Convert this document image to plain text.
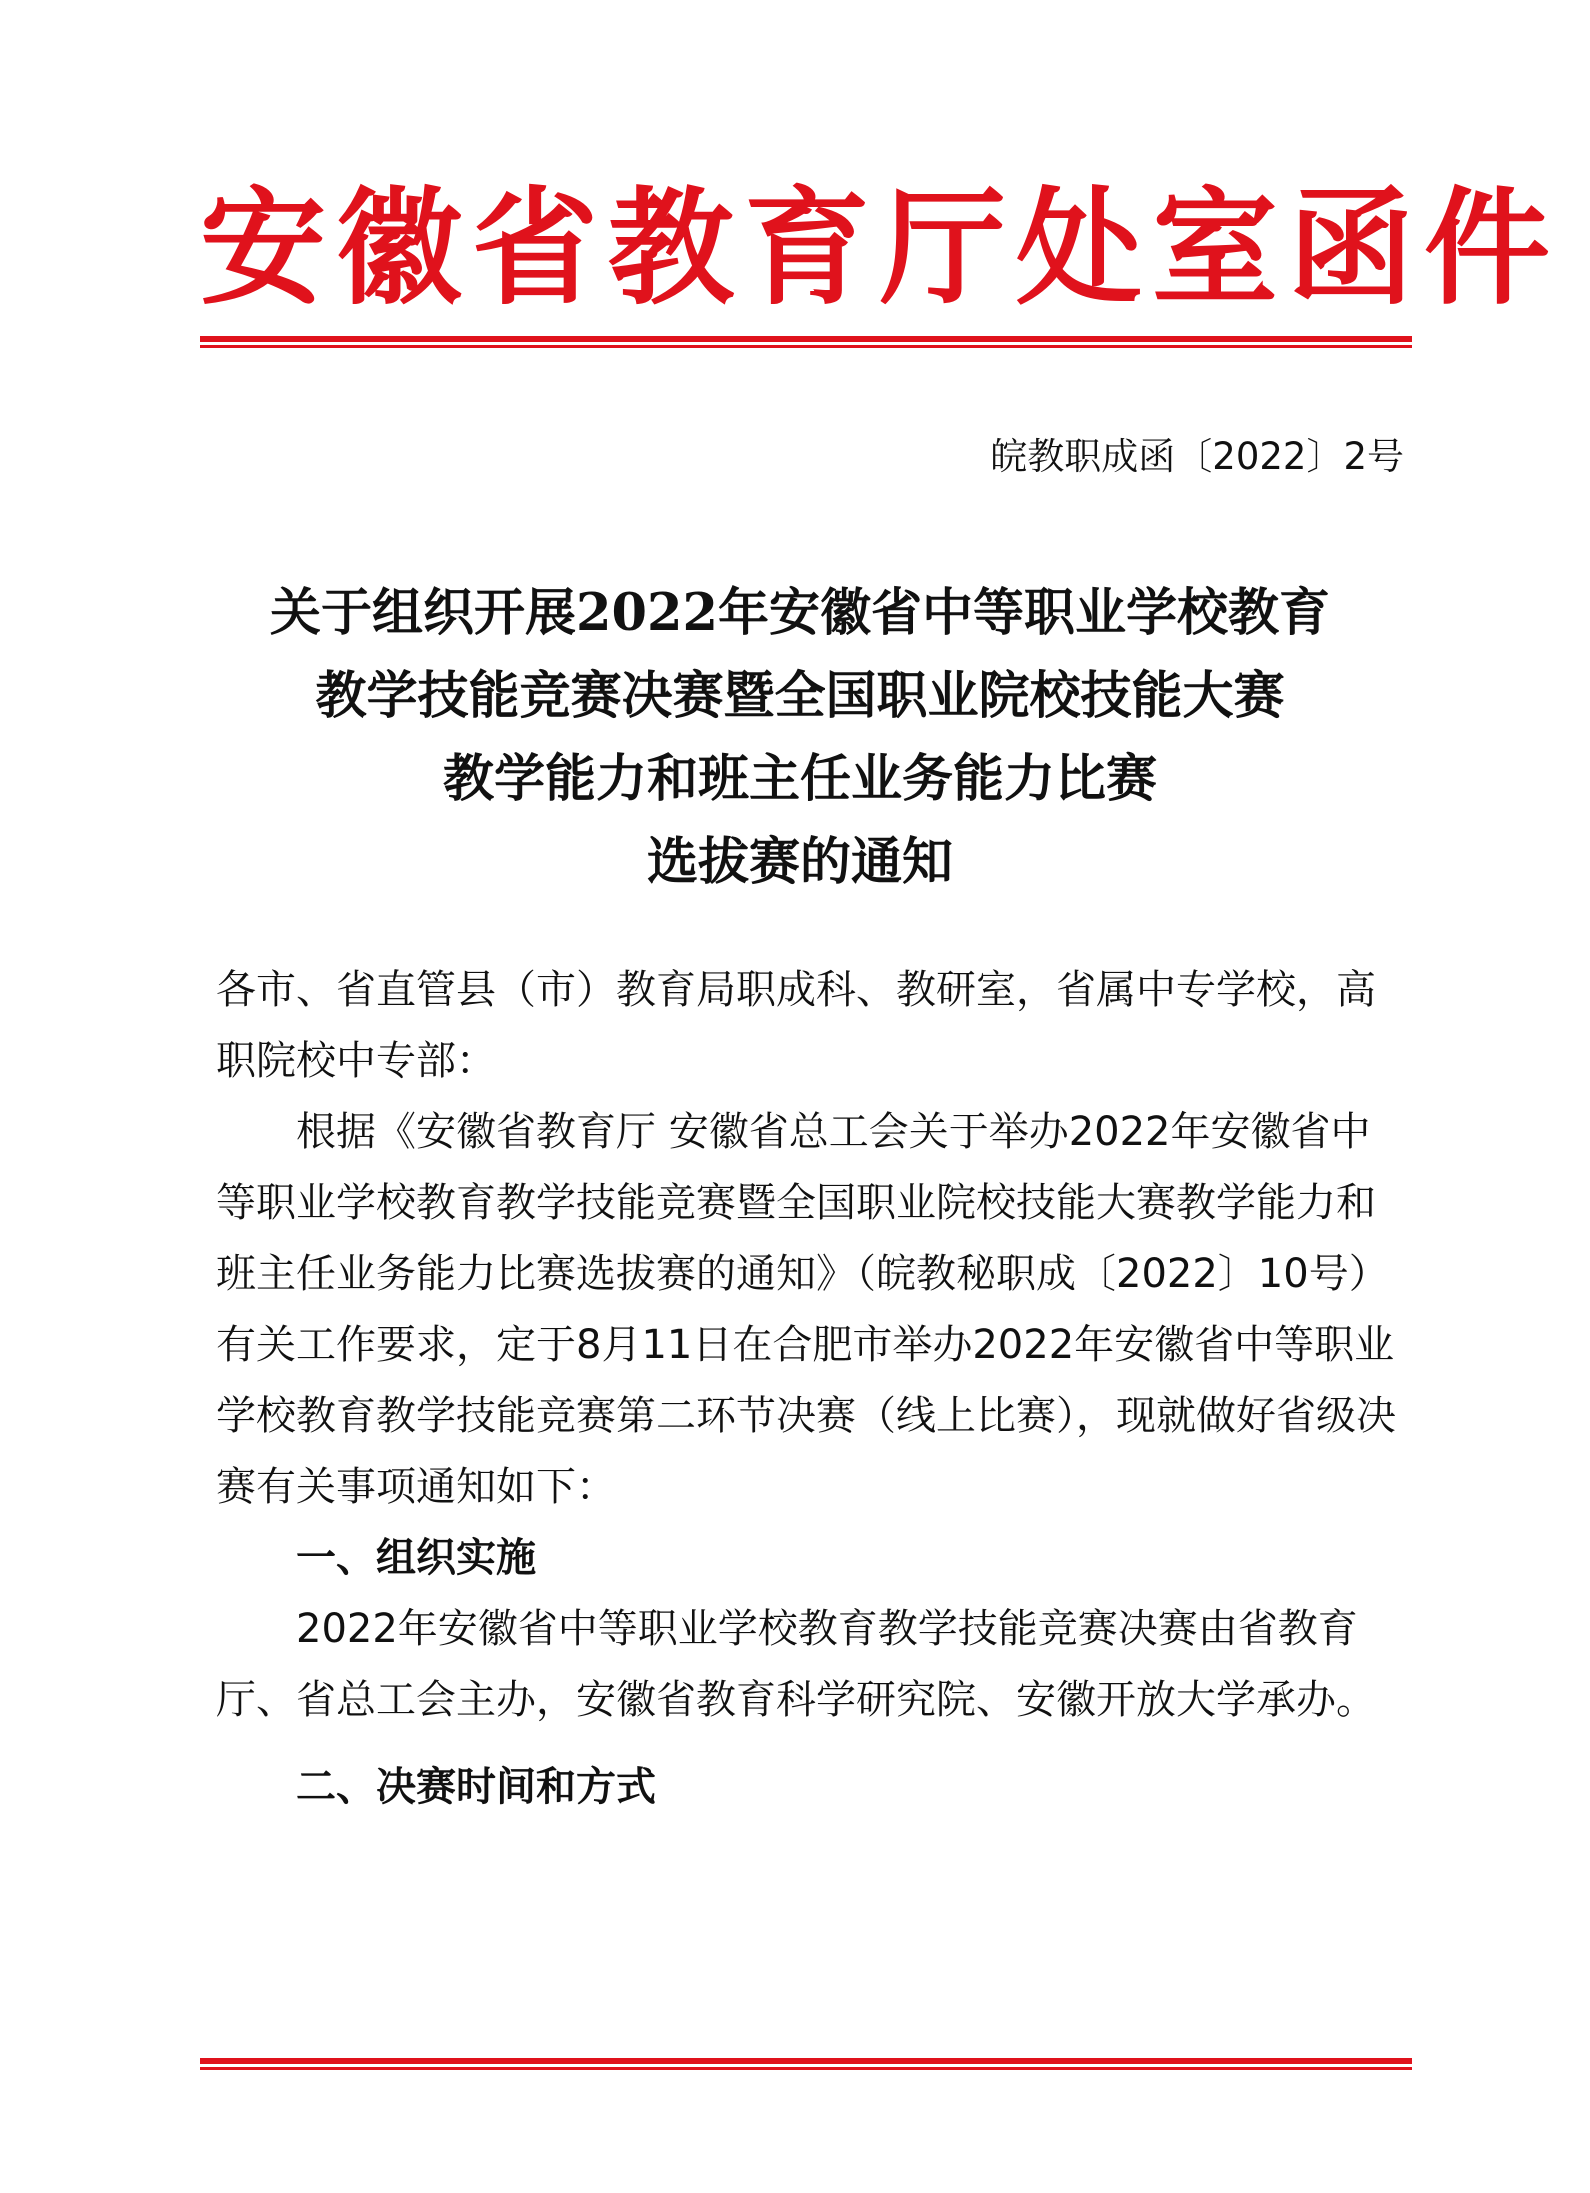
安徽省教育厅处室函件
皖教职成函〔2022〕2号
关于组织开展2022年安徽省中等职业学校教育
教学技能竞赛决赛暨全国职业院校技能大赛
教学能力和班主任业务能力比赛
选拔赛的通知

各市、省直管县（市）教育局职成科、教研室，省属中专学校，高职院校中专部：

根据《安徽省教育厅 安徽省总工会关于举办2022年安徽省中等职业学校教育教学技能竞赛暨全国职业院校技能大赛教学能力和班主任业务能力比赛选拔赛的通知》（皖教秘职成〔2022〕10号）有关工作要求，定于8月11日在合肥市举办2022年安徽省中等职业学校教育教学技能竞赛第二环节决赛（线上比赛），现就做好省级决赛有关事项通知如下：

一、组织实施

2022年安徽省中等职业学校教育教学技能竞赛决赛由省教育厅、省总工会主办，安徽省教育科学研究院、安徽开放大学承办。

二、决赛时间和方式
